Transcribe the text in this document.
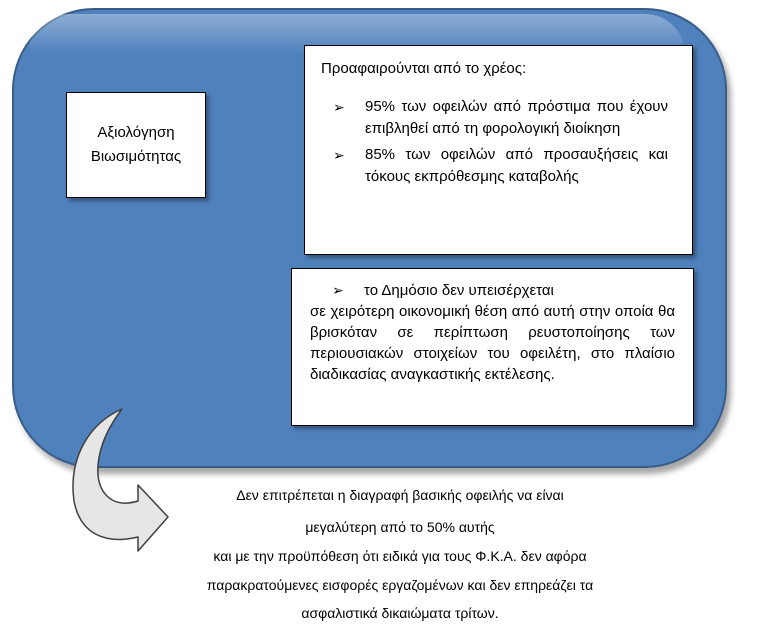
Αξιολόγηση
Βιωσιμότητας
Προαφαιρούνται από το χρέος:
➢	95% των οφειλών από πρόστιμα που έχουν επιβληθεί από τη φορολογική διοίκηση
➢	85% των οφειλών από προσαυξήσεις και τόκους εκπρόθεσμης καταβολής
➢	το Δημόσιο δεν υπεισέρχεται
σε χειρότερη οικονομική θέση από αυτή στην οποία θα βρισκόταν σε περίπτωση ρευστοποίησης των περιουσιακών στοιχείων του οφειλέτη, στο πλαίσιο διαδικασίας αναγκαστικής εκτέλεσης.
Δεν επιτρέπεται η διαγραφή βασικής οφειλής να είναι
μεγαλύτερη από το 50% αυτής
και με την προϋπόθεση ότι ειδικά για τους Φ.Κ.Α. δεν αφόρα
παρακρατούμενες εισφορές εργαζομένων και δεν επηρεάζει τα
ασφαλιστικά δικαιώματα τρίτων.
